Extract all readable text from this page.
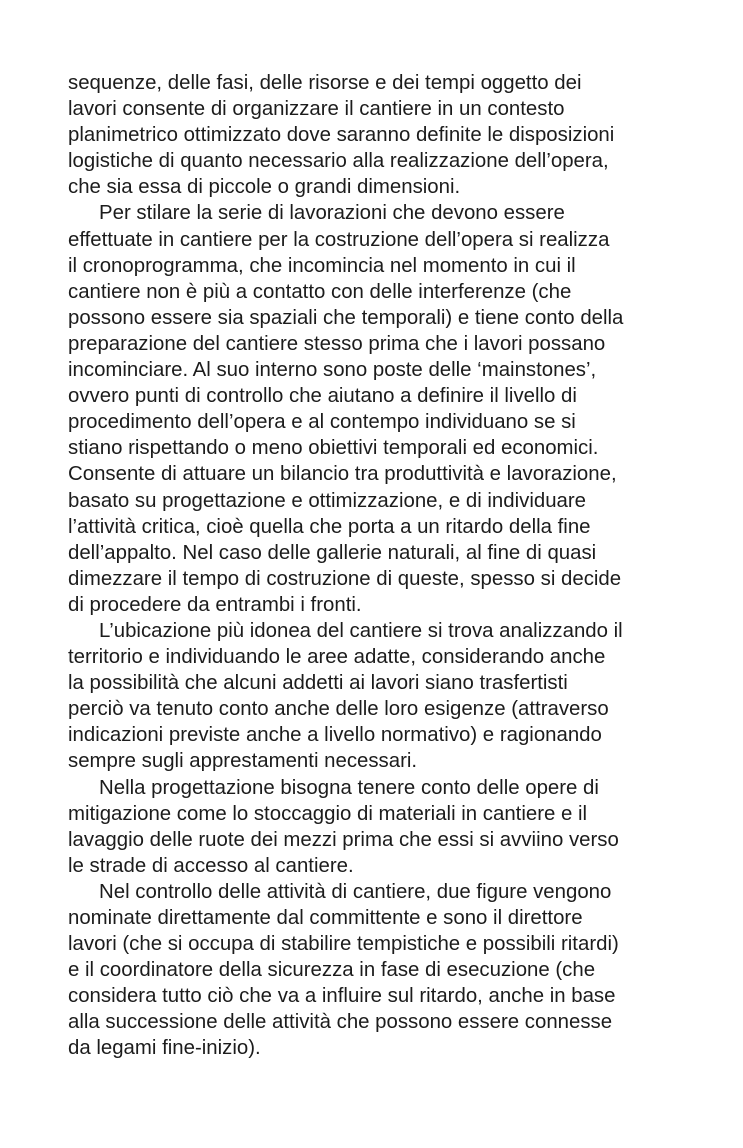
sequenze, delle fasi, delle risorse e dei tempi oggetto dei
lavori consente di organizzare il cantiere in un contesto
planimetrico ottimizzato dove saranno definite le disposizioni
logistiche di quanto necessario alla realizzazione dell’opera,
che sia essa di piccole o grandi dimensioni.
Per stilare la serie di lavorazioni che devono essere
effettuate in cantiere per la costruzione dell’opera si realizza
il cronoprogramma, che incomincia nel momento in cui il
cantiere non è più a contatto con delle interferenze (che
possono essere sia spaziali che temporali) e tiene conto della
preparazione del cantiere stesso prima che i lavori possano
incominciare. Al suo interno sono poste delle ‘mainstones’,
ovvero punti di controllo che aiutano a definire il livello di
procedimento dell’opera e al contempo individuano se si
stiano rispettando o meno obiettivi temporali ed economici.
Consente di attuare un bilancio tra produttività e lavorazione,
basato su progettazione e ottimizzazione, e di individuare
l’attività critica, cioè quella che porta a un ritardo della fine
dell’appalto. Nel caso delle gallerie naturali, al fine di quasi
dimezzare il tempo di costruzione di queste, spesso si decide
di procedere da entrambi i fronti.
L’ubicazione più idonea del cantiere si trova analizzando il
territorio e individuando le aree adatte, considerando anche
la possibilità che alcuni addetti ai lavori siano trasfertisti
perciò va tenuto conto anche delle loro esigenze (attraverso
indicazioni previste anche a livello normativo) e ragionando
sempre sugli apprestamenti necessari.
Nella progettazione bisogna tenere conto delle opere di
mitigazione come lo stoccaggio di materiali in cantiere e il
lavaggio delle ruote dei mezzi prima che essi si avviino verso
le strade di accesso al cantiere.
Nel controllo delle attività di cantiere, due figure vengono
nominate direttamente dal committente e sono il direttore
lavori (che si occupa di stabilire tempistiche e possibili ritardi)
e il coordinatore della sicurezza in fase di esecuzione (che
considera tutto ciò che va a influire sul ritardo, anche in base
alla successione delle attività che possono essere connesse
da legami fine-inizio).
